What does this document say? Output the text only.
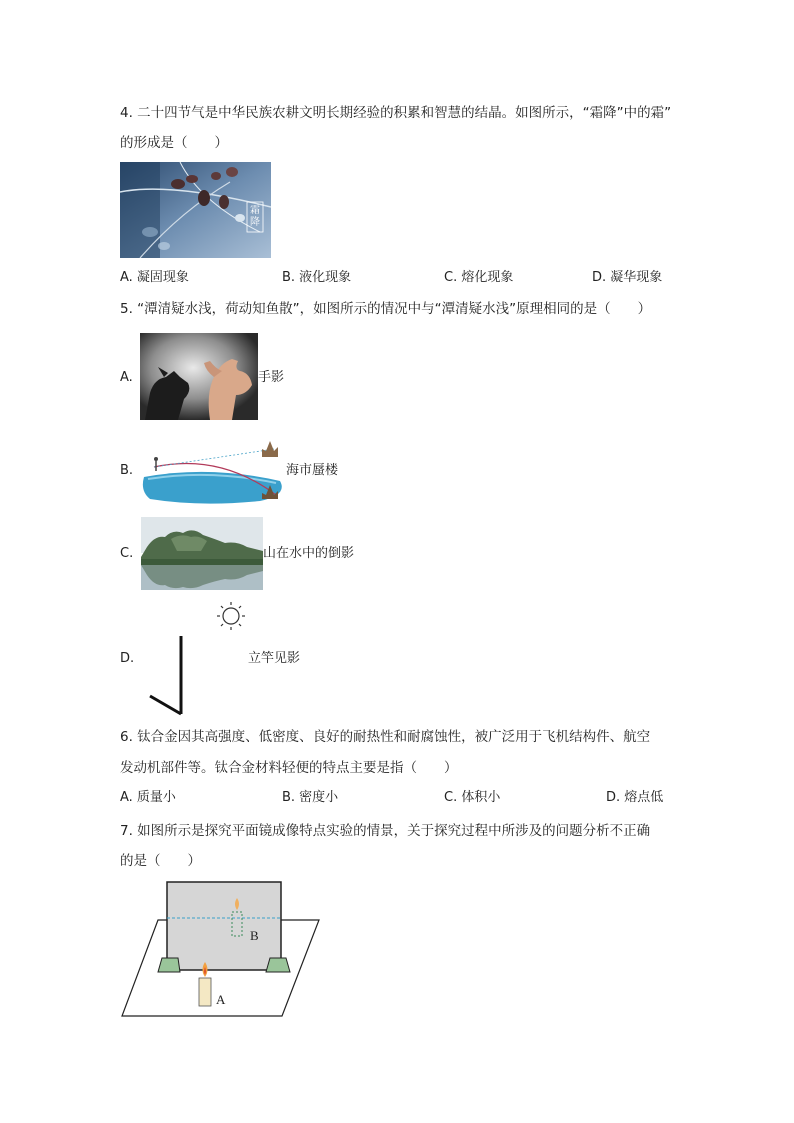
4. 二十四节气是中华民族农耕文明长期经验的积累和智慧的结晶。如图所示，“霜降”中的霜”
的形成是（　　）
霜降
A. 凝固现象	B. 液化现象	C. 熔化现象	D. 凝华现象
5. “潭清疑水浅，荷动知鱼散”，如图所示的情况中与“潭清疑水浅”原理相同的是（　　）
A.	手影
B.	海市蜃楼
C.	山在水中的倒影
D.	立竿见影
6. 钛合金因其高强度、低密度、良好的耐热性和耐腐蚀性，被广泛用于飞机结构件、航空
发动机部件等。钛合金材料轻便的特点主要是指（　　）
A. 质量小	B. 密度小	C. 体积小	D. 熔点低
7. 如图所示是探究平面镜成像特点实验的情景，关于探究过程中所涉及的问题分析不正确
的是（　　）
B
A
